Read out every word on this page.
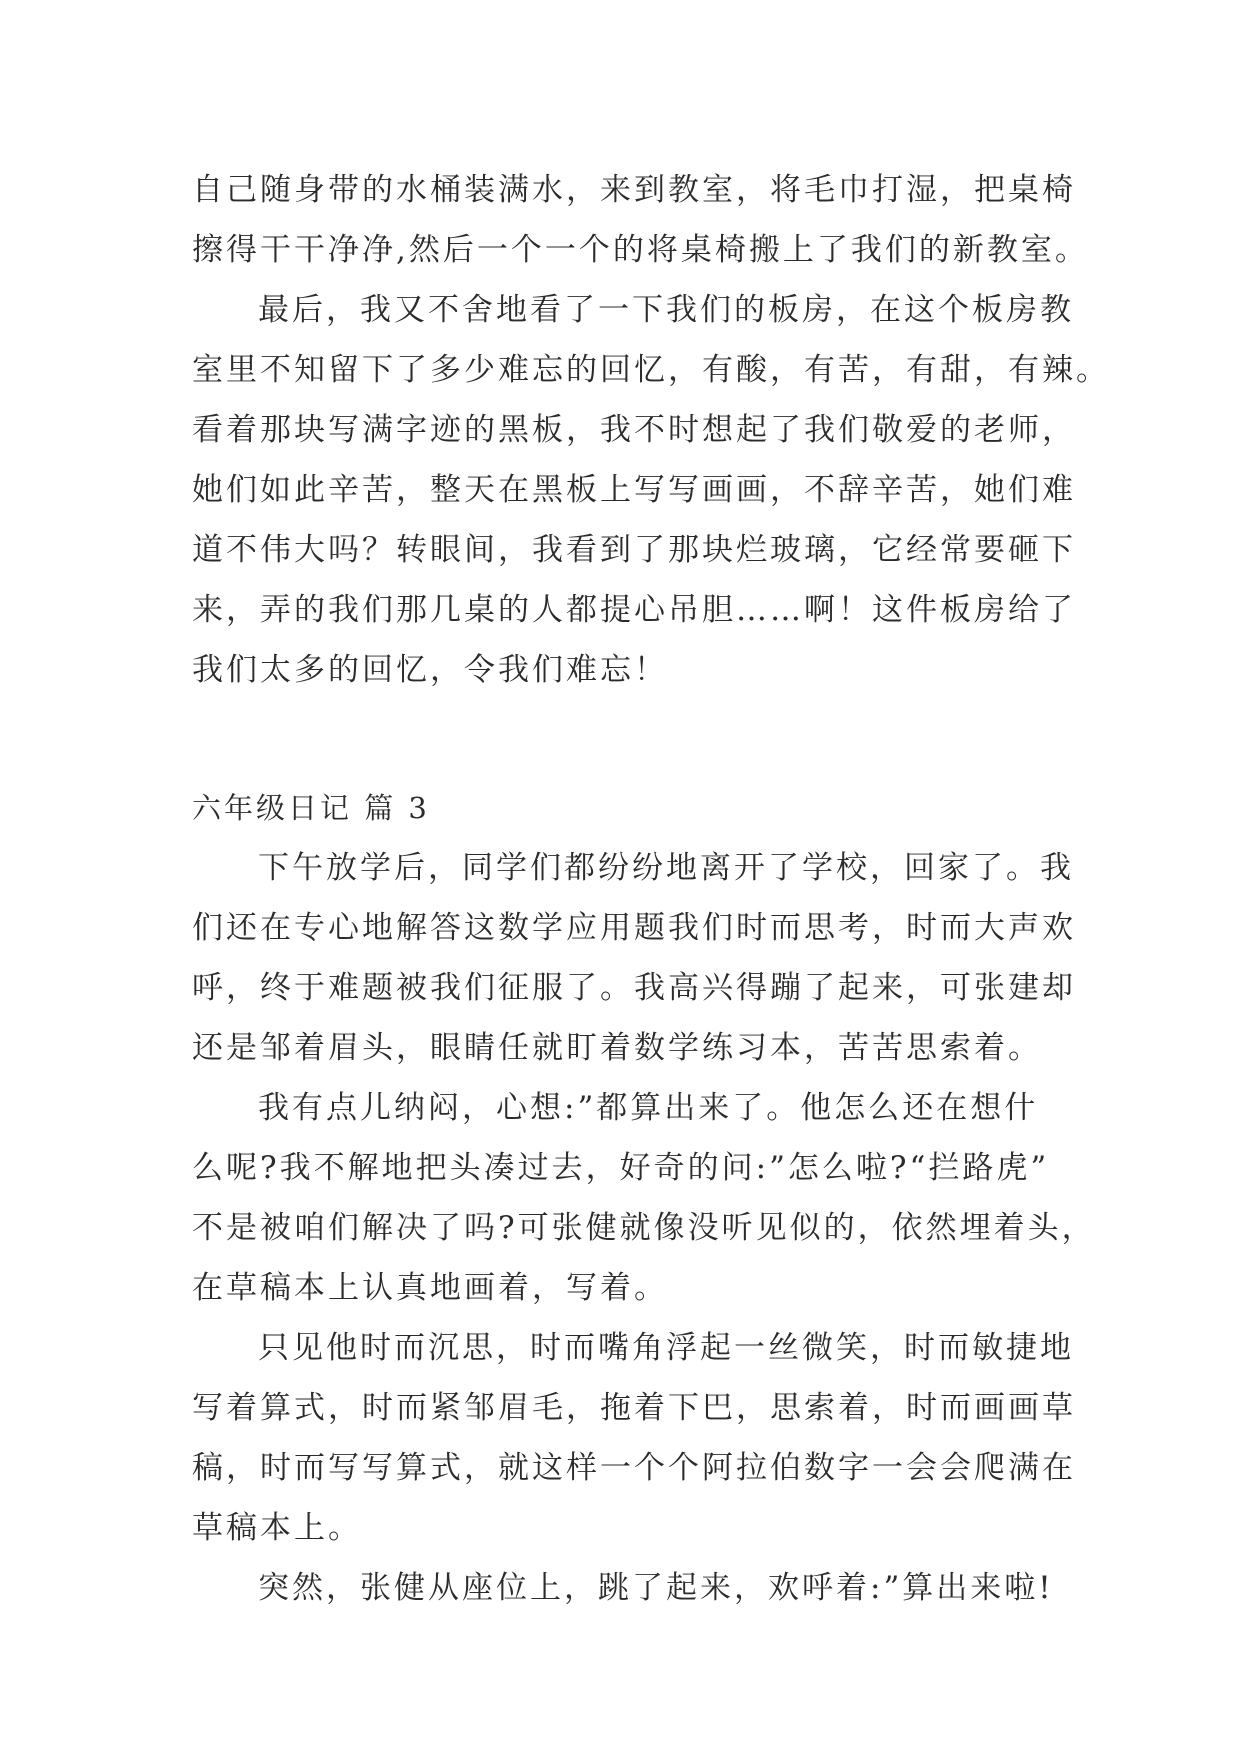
自己随身带的水桶装满水，来到教室，将毛巾打湿，把桌椅
擦得干干净净,然后一个一个的将桌椅搬上了我们的新教室。
最后，我又不舍地看了一下我们的板房，在这个板房教
室里不知留下了多少难忘的回忆，有酸，有苦，有甜，有辣。
看着那块写满字迹的黑板，我不时想起了我们敬爱的老师，
她们如此辛苦，整天在黑板上写写画画，不辞辛苦，她们难
道不伟大吗？转眼间，我看到了那块烂玻璃，它经常要砸下
来，弄的我们那几桌的人都提心吊胆……啊！这件板房给了
我们太多的回忆，令我们难忘！
六年级日记 篇 3
下午放学后，同学们都纷纷地离开了学校，回家了。我
们还在专心地解答这数学应用题我们时而思考，时而大声欢
呼，终于难题被我们征服了。我高兴得蹦了起来，可张建却
还是邹着眉头，眼睛任就盯着数学练习本，苦苦思索着。
我有点儿纳闷，心想:”都算出来了。他怎么还在想什
么呢?我不解地把头凑过去，好奇的问:”怎么啦?“拦路虎”
不是被咱们解决了吗?可张健就像没听见似的，依然埋着头，
在草稿本上认真地画着，写着。
只见他时而沉思，时而嘴角浮起一丝微笑，时而敏捷地
写着算式，时而紧邹眉毛，拖着下巴，思索着，时而画画草
稿，时而写写算式，就这样一个个阿拉伯数字一会会爬满在
草稿本上。
突然，张健从座位上，跳了起来，欢呼着:”算出来啦!
